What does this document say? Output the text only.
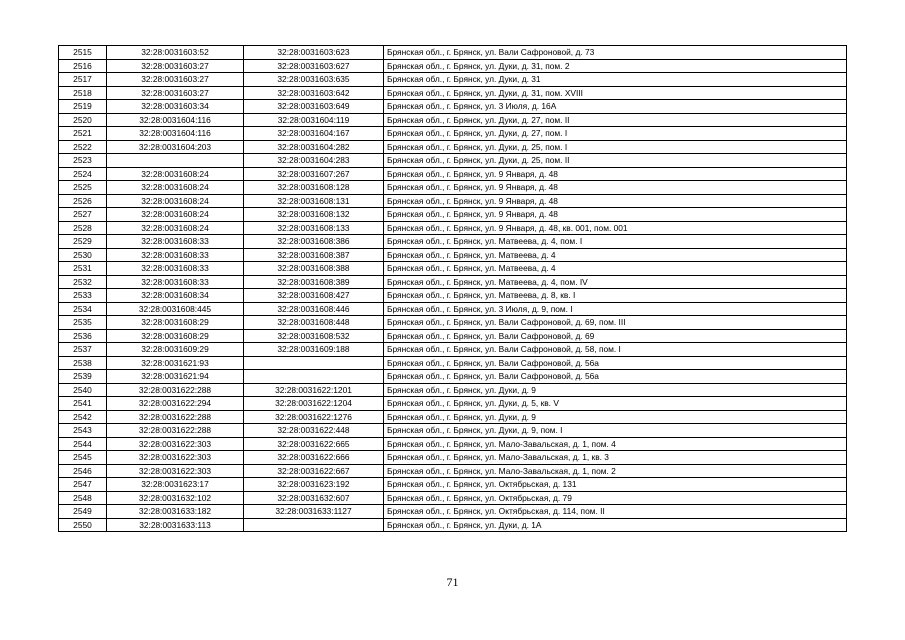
2515	32:28:0031603:52	32:28:0031603:623	Брянская обл., г. Брянск, ул. Вали Сафроновой, д. 73
2516	32:28:0031603:27	32:28:0031603:627	Брянская обл., г. Брянск, ул. Дуки, д. 31, пом. 2
2517	32:28:0031603:27	32:28:0031603:635	Брянская обл., г. Брянск, ул. Дуки, д. 31
2518	32:28:0031603:27	32:28:0031603:642	Брянская обл., г. Брянск, ул. Дуки, д. 31, пом. XVIII
2519	32:28:0031603:34	32:28:0031603:649	Брянская обл., г. Брянск, ул. 3 Июля, д. 16А
2520	32:28:0031604:116	32:28:0031604:119	Брянская обл., г. Брянск, ул. Дуки, д. 27, пом. II
2521	32:28:0031604:116	32:28:0031604:167	Брянская обл., г. Брянск, ул. Дуки, д. 27, пом. I
2522	32:28:0031604:203	32:28:0031604:282	Брянская обл., г. Брянск, ул. Дуки, д. 25, пом. I
2523		32:28:0031604:283	Брянская обл., г. Брянск, ул. Дуки, д. 25, пом. II
2524	32:28:0031608:24	32:28:0031607:267	Брянская обл., г. Брянск, ул. 9 Января, д. 48
2525	32:28:0031608:24	32:28:0031608:128	Брянская обл., г. Брянск, ул. 9 Января, д. 48
2526	32:28:0031608:24	32:28:0031608:131	Брянская обл., г. Брянск, ул. 9 Января, д. 48
2527	32:28:0031608:24	32:28:0031608:132	Брянская обл., г. Брянск, ул. 9 Января, д. 48
2528	32:28:0031608:24	32:28:0031608:133	Брянская обл., г. Брянск, ул. 9 Января, д. 48, кв. 001, пом. 001
2529	32:28:0031608:33	32:28:0031608:386	Брянская обл., г. Брянск, ул. Матвеева, д. 4, пом. I
2530	32:28:0031608:33	32:28:0031608:387	Брянская обл., г. Брянск, ул. Матвеева, д. 4
2531	32:28:0031608:33	32:28:0031608:388	Брянская обл., г. Брянск, ул. Матвеева, д. 4
2532	32:28:0031608:33	32:28:0031608:389	Брянская обл., г. Брянск, ул. Матвеева, д. 4, пом. IV
2533	32:28:0031608:34	32:28:0031608:427	Брянская обл., г. Брянск, ул. Матвеева, д. 8, кв. I
2534	32:28:0031608:445	32:28:0031608:446	Брянская обл., г. Брянск, ул. 3 Июля, д. 9, пом. I
2535	32:28:0031608:29	32:28:0031608:448	Брянская обл., г. Брянск, ул. Вали Сафроновой, д. 69, пом. III
2536	32:28:0031608:29	32:28:0031608:532	Брянская обл., г. Брянск, ул. Вали Сафроновой, д. 69
2537	32:28:0031609:29	32:28:0031609:188	Брянская обл., г. Брянск, ул. Вали Сафроновой, д. 58, пом. I
2538	32:28:0031621:93		Брянская обл., г. Брянск, ул. Вали Сафроновой, д. 56а
2539	32:28:0031621:94		Брянская обл., г. Брянск, ул. Вали Сафроновой, д. 56а
2540	32:28:0031622:288	32:28:0031622:1201	Брянская обл., г. Брянск, ул. Дуки, д. 9
2541	32:28:0031622:294	32:28:0031622:1204	Брянская обл., г. Брянск, ул. Дуки, д. 5, кв. V
2542	32:28:0031622:288	32:28:0031622:1276	Брянская обл., г. Брянск, ул. Дуки, д. 9
2543	32:28:0031622:288	32:28:0031622:448	Брянская обл., г. Брянск, ул. Дуки, д. 9, пом. I
2544	32:28:0031622:303	32:28:0031622:665	Брянская обл., г. Брянск, ул. Мало-Завальская, д. 1, пом. 4
2545	32:28:0031622:303	32:28:0031622:666	Брянская обл., г. Брянск, ул. Мало-Завальская, д. 1, кв. 3
2546	32:28:0031622:303	32:28:0031622:667	Брянская обл., г. Брянск, ул. Мало-Завальская, д. 1, пом. 2
2547	32:28:0031623:17	32:28:0031623:192	Брянская обл., г. Брянск, ул. Октябрьская, д. 131
2548	32:28:0031632:102	32:28:0031632:607	Брянская обл., г. Брянск, ул. Октябрьская, д. 79
2549	32:28:0031633:182	32:28:0031633:1127	Брянская обл., г. Брянск, ул. Октябрьская, д. 114, пом. II
2550	32:28:0031633:113		Брянская обл., г. Брянск, ул. Дуки, д. 1А
71
